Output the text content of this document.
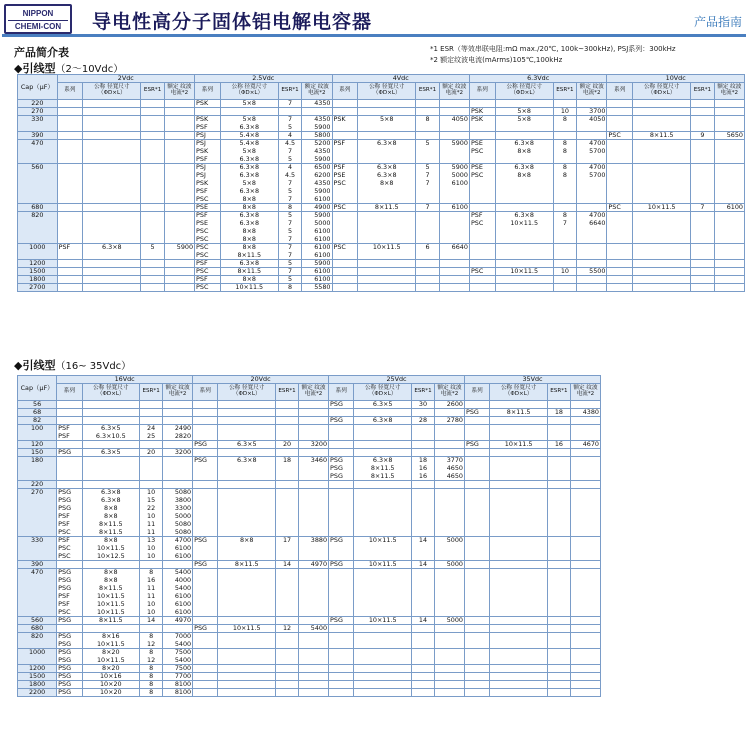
NIPPON
CHEMI-CON	导电性高分子固体铝电解电容器	产品指南
产品简介表	*1 ESR（等效串联电阻:mΩ max./20℃, 100k~300kHz), PSJ系列：300kHz
*2 额定纹波电流(mArms)105℃,100kHz
◆引线型（2〜10Vdc）
Cap（μF）	2Vdc				2.5Vdc				4Vdc				6.3Vdc				10Vdc			
	系列	公称 径寬尺寸（ΦD×L）	ESR*1	额定 纹波 电流*2	系列	公称 径寬尺寸（ΦD×L）	ESR*1	额定 纹波 电流*2	系列	公称 径寬尺寸（ΦD×L）	ESR*1	额定 纹波 电流*2	系列	公称 径寬尺寸（ΦD×L）	ESR*1	额定 纹波 电流*2	系列	公称 径寬尺寸（ΦD×L）	ESR*1	额定 纹波 电流*2
220					PSK	5×8	7	4350												
270													PSK	5×8	10	3700				
330					PSK	5×8	7	4350	PSK	5×8	8	4050	PSK	5×8	8	4050				
					PSF	6.3×8	5	5900												
390					PSJ	5.4×8	4	5800									PSC	8×11.5	9	5650
470					PSJ	5.4×8	4.5	5200	PSF	6.3×8	5	5900	PSE	6.3×8	8	4700				
					PSK	5×8	7	4350					PSC	8×8	8	5700				
					PSF	6.3×8	5	5900												
560					PSJ	6.3×8	4	6500	PSF	6.3×8	5	5900	PSE	6.3×8	8	4700				
					PSJ	6.3×8	4.5	6200	PSE	6.3×8	7	5000	PSC	8×8	8	5700				
					PSK	5×8	7	4350	PSC	8×8	7	6100								
					PSF	6.3×8	5	5900												
					PSC	8×8	7	6100												
680					PSE	8×8	8	4900	PSC	8×11.5	7	6100					PSC	10×11.5	7	6100
820					PSF	6.3×8	5	5900					PSF	6.3×8	8	4700				
					PSE	6.3×8	7	5000					PSC	10×11.5	7	6640				
					PSC	8×8	5	6100												
					PSC	8×8	7	6100												
1000	PSF	6.3×8	5	5900	PSC	8×8	7	6100	PSC	10×11.5	6	6640								
					PSC	8×11.5	7	6100												
1200					PSF	6.3×8	5	5900												
1500					PSC	8×11.5	7	6100					PSC	10×11.5	10	5500				
1800					PSF	8×8	5	6100												
2700					PSC	10×11.5	8	5580												
◆引线型（16~ 35Vdc）
Cap（μF）	16Vdc				20Vdc				25Vdc				35Vdc			
	系列	公称 径寬尺寸（ΦD×L）	ESR*1	额定 纹波 电流*2	系列	公称 径寬尺寸（ΦD×L）	ESR*1	额定 纹波 电流*2	系列	公称 径寬尺寸（ΦD×L）	ESR*1	额定 纹波 电流*2	系列	公称 径寬尺寸（ΦD×L）	ESR*1	额定 纹波 电流*2
56									PSG	6.3×5	30	2600				
68													PSG	8×11.5	18	4380
82									PSG	6.3×8	28	2780				
100	PSF	6.3×5	24	2490												
	PSF	6.3×10.5	25	2820												
120					PSG	6.3×5	20	3200					PSG	10×11.5	16	4670
150	PSG	6.3×5	20	3200												
180					PSG	6.3×8	18	3460	PSG	6.3×8	18	3770				
									PSG	8×11.5	16	4650				
									PSG	8×11.5	16	4650				
220																
270	PSG	6.3×8	10	5080												
	PSG	6.3×8	15	3800												
	PSG	8×8	22	3300												
	PSF	8×8	10	5000												
	PSF	8×11.5	11	5080												
	PSC	8×11.5	11	5080												
330	PSF	8×8	13	4700	PSG	8×8	17	3880	PSG	10×11.5	14	5000				
	PSC	10×11.5	10	6100												
	PSC	10×12.5	10	6100												
390					PSG	8×11.5	14	4970	PSG	10×11.5	14	5000				
470	PSG	8×8	8	5400												
	PSG	8×8	16	4000												
	PSG	8×11.5	11	5400												
	PSF	10×11.5	11	6100												
	PSF	10×11.5	10	6100												
	PSC	10×11.5	10	6100												
560	PSG	8×11.5	14	4970					PSG	10×11.5	14	5000				
680					PSG	10×11.5	12	5400								
820	PSG	8×16	8	7000												
	PSG	10×11.5	12	5400												
1000	PSG	8×20	8	7500												
	PSG	10×11.5	12	5400												
1200	PSG	8×20	8	7500												
1500	PSG	10×16	8	7700												
1800	PSG	10×20	8	8100												
2200	PSG	10×20	8	8100												
